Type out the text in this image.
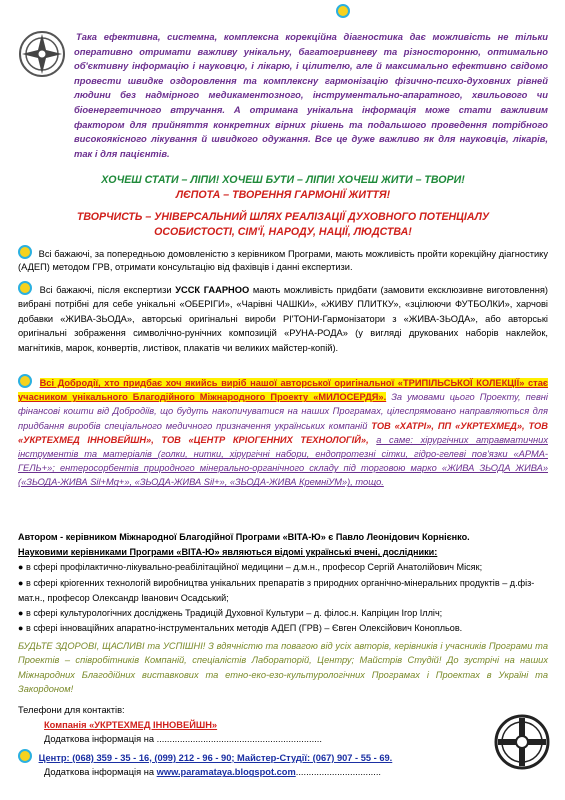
Така ефективна, системна, комплексна корекційна діагностика дає можливість не тільки оперативно отримати важливу унікальну, багатогривневу та різносторонню, оптимально об'єктивну інформацію і науковцю, і лікарю, і цілителю, але й максимально ефективно свідомо провести швидке оздоровлення та комплексну гармонізацію фізично-психо-духовних рівней людини без надмірного медикаментозного, інструментально-апаратного, хвильового чи біоенергетичного втручання. А отримана унікальна інформація може стати важливим фактором для прийняття конкретних вірних рішень та подальшого проведення потрібного високоякісного лікування й швидкого одужання. Все це дуже важливо як для науковців, лікарів, так і для пацієнтів.
ХОЧЕШ СТАТИ – ЛІПИ! ХОЧЕШ БУТИ – ЛІПИ! ХОЧЕШ ЖИТИ – ТВОРИ!
ЛЄПОТА – ТВОРЕННЯ ГАРМОНІЇ ЖИТТЯ!
ТВОРЧИСТЬ – УНІВЕРСАЛЬНИЙ ШЛЯХ РЕАЛІЗАЦІЇ ДУХОВНОГО ПОТЕНЦІАЛУ
ОСОБИСТОСТІ, СІМ'Ї, НАРОДУ, НАЦІЇ, ЛЮДСТВА!
Всі бажаючі, за попередньою домовленістю з керівником Програми, мають можливість пройти корекційну діагностику (АДЕП) методом ГРВ, отримати консультацію від фахівців і данні експертизи.
Всі бажаючі, після експертизи УССК ГААРНОО мають можливість придбати (замовити ексклюзивне виготовлення) вибрані потрібні для себе унікальні «ОБЕРІГИ», «Чарівні ЧАШКИ», «ЖИВУ ПЛИТКУ», «зцілюючи ФУТБОЛКИ», харчові добавки «ЖИВА-ЗЬОДА», авторські оригінальні вироби РІ'ТОНИ-Гармонізатори з «ЖИВА-ЗЬОДА», або авторські оригінальні зображення символічно-рунічних композицій «РУНА-РОДА» (у вигляді друкованих наборів наклейок, магнітиків, марок, конвертів, листівок, плакатів чи великих майстер-копій).
Всі Добродії, хто придбає хоч якийсь виріб нашої авторської оригінальної «ТРИПІЛЬСЬКОЇ КОЛЕКЦІЇ» стає учасником унікального Благодійного Міжнародного Проекту «МИЛОСЕРДЯ». За умовами цього Проекту, певні фінансові кошти від Добродіїв, що будуть накопичуватися на наших Програмах, цілеспрямовано направляються для придбання виробів спеціального медичного призначення українських компаній ТОВ «ХАТРІ», ПП «УКРТЕХМЕД», ТОВ «УКРТЕХМЕД ІННОВЕЙШН», ТОВ «ЦЕНТР КРІОГЕННИХ ТЕХНОЛОГІЙ», а саме: хірургічних атравматичних інструментів та матеріалів (голки, нитки, хірургічні набори, ендопротезні сітки, гідро-гелеві пов'язки «АРМА-ГЕЛЬ+»; ентеросорбентів природного мінерально-органічного складу під торговою марко «ЖИВА ЗЬОДА ЖИВА» («ЗЬОДА-ЖИВА Sil+Mg+», «ЗЬОДА-ЖИВА Sil+», «ЗЬОДА-ЖИВА КремніУМ»), тощо.
Автором - керівником Міжнародної Благодійної Програми «ВІТА-Ю» є Павло Леонідович Корнієнко.
Науковими керівниками Програми «ВІТА-Ю» являються відомі українські вчені, дослідники:
● в сфері профілактично-лікувально-реабілітаційної медицини – д.м.н., професор Сергій Анатолійович Місяк;
● в сфері кріогенних технологій виробництва унікальних препаратів з природних органічно-мінеральних продуктів – д.фіз-мат.н., професор Олександр Іванович Осадський;
● в сфері культурологічних досліджень Традицій Духовної Культури – д. філос.н. Капріцин Ігор Ілліч;
● в сфері інноваційних апаратно-інструментальних методів АДЕП (ГРВ) – Євген Олексійович Конопльов.
БУДЬТЕ ЗДОРОВІ, ЩАСЛИВІ та УСПІШНІ! З вдячністю та повагою від усіх авторів, керівників і учасників Програми та Проектів – співробітників Компаній, спеціалістів Лабораторій, Центру; Майстрів Студій! До зустрічі на наших Міжнародних Благодійних виставкових та етно-еко-езо-культурологічних Програмах і Проектах в Україні та Закордоном!
Телефони для контактів:
Компанія «УКРТЕХМЕД ІННОВЕЙШН»
Додаткова інформація на ................................................................
Центр: (068) 359 - 35 - 16, (099) 212 - 96 - 90; Майстер-Студії: (067) 907 - 55 - 69.
Додаткова інформація на www.paramataya.blogspot.com.................................
